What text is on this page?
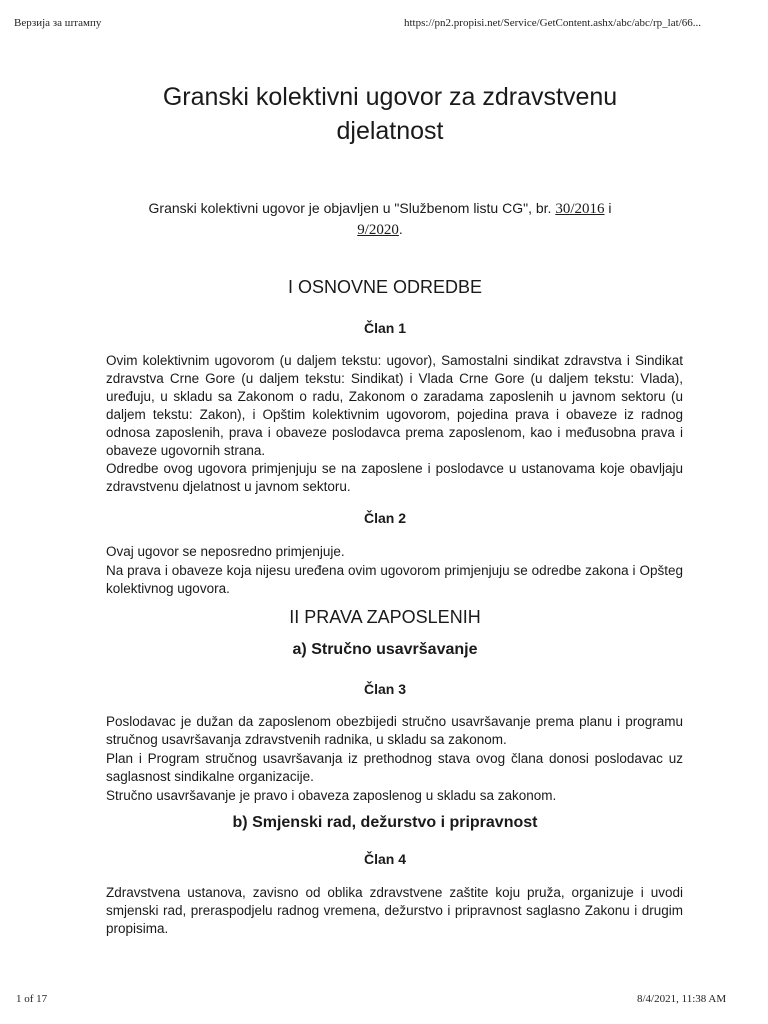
Верзија за штампу	https://pn2.propisi.net/Service/GetContent.ashx/abc/abc/rp_lat/66...
Granski kolektivni ugovor za zdravstvenu
djelatnost
Granski kolektivni ugovor je objavljen u "Službenom listu CG", br. 30/2016 i
9/2020.
I OSNOVNE ODREDBE
Član 1

Ovim kolektivnim ugovorom (u daljem tekstu: ugovor), Samostalni sindikat zdravstva i Sindikat zdravstva Crne Gore (u daljem tekstu: Sindikat) i Vlada Crne Gore (u daljem tekstu: Vlada), uređuju, u skladu sa Zakonom o radu, Zakonom o zaradama zaposlenih u javnom sektoru (u daljem tekstu: Zakon), i Opštim kolektivnim ugovorom, pojedina prava i obaveze iz radnog odnosa zaposlenih, prava i obaveze poslodavca prema zaposlenom, kao i međusobna prava i obaveze ugovornih strana.

Odredbe ovog ugovora primjenjuju se na zaposlene i poslodavce u ustanovama koje obavljaju zdravstvenu djelatnost u javnom sektoru.

Član 2

Ovaj ugovor se neposredno primjenjuje.

Na prava i obaveze koja nijesu uređena ovim ugovorom primjenjuju se odredbe zakona i Opšteg kolektivnog ugovora.

II PRAVA ZAPOSLENIH
a) Stručno usavršavanje
Član 3

Poslodavac je dužan da zaposlenom obezbijedi stručno usavršavanje prema planu i programu stručnog usavršavanja zdravstvenih radnika, u skladu sa zakonom.

Plan i Program stručnog usavršavanja iz prethodnog stava ovog člana donosi poslodavac uz saglasnost sindikalne organizacije.

Stručno usavršavanje je pravo i obaveza zaposlenog u skladu sa zakonom.

b) Smjenski rad, dežurstvo i pripravnost
Član 4

Zdravstvena ustanova, zavisno od oblika zdravstvene zaštite koju pruža, organizuje i uvodi smjenski rad, preraspodjelu radnog vremena, dežurstvo i pripravnost saglasno Zakonu i drugim propisima.

1 of 17	8/4/2021, 11:38 AM
